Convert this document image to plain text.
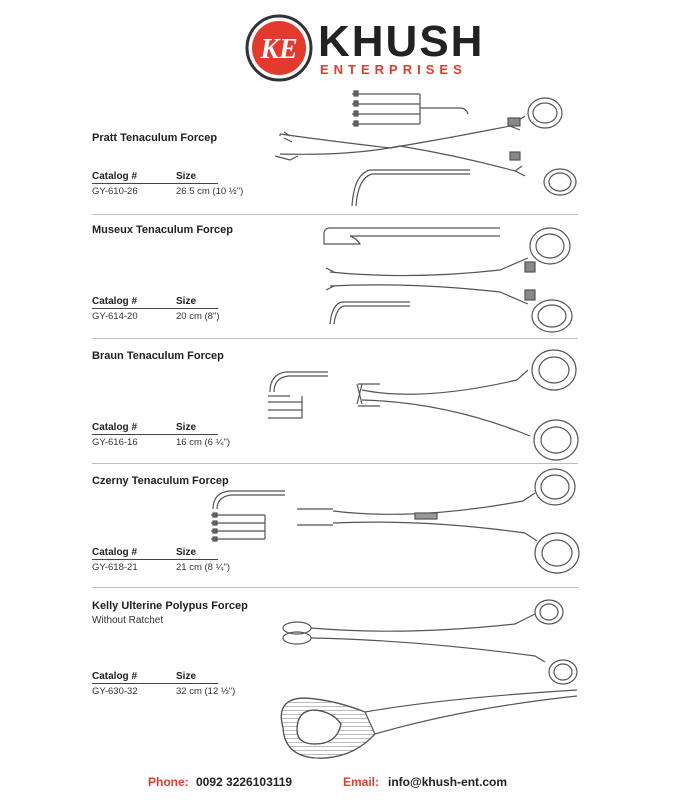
KE KHUSH
ENTERPRISES
Pratt Tenaculum Forcep
Catalog #	Size
GY-610-26	26.5 cm (10 ½")
Museux Tenaculum Forcep
Catalog #	Size
GY-614-20	20 cm (8")
Braun Tenaculum Forcep
Catalog #	Size
GY-616-16	16 cm (6 ¼")
Czerny Tenaculum Forcep
Catalog #	Size
GY-618-21	21 cm (8 ¼")
Kelly Ulterine Polypus Forcep
Without Ratchet
Catalog #	Size
GY-630-32	32 cm (12 ½")
Phone: 0092 3226103119	Email: info@khush-ent.com
